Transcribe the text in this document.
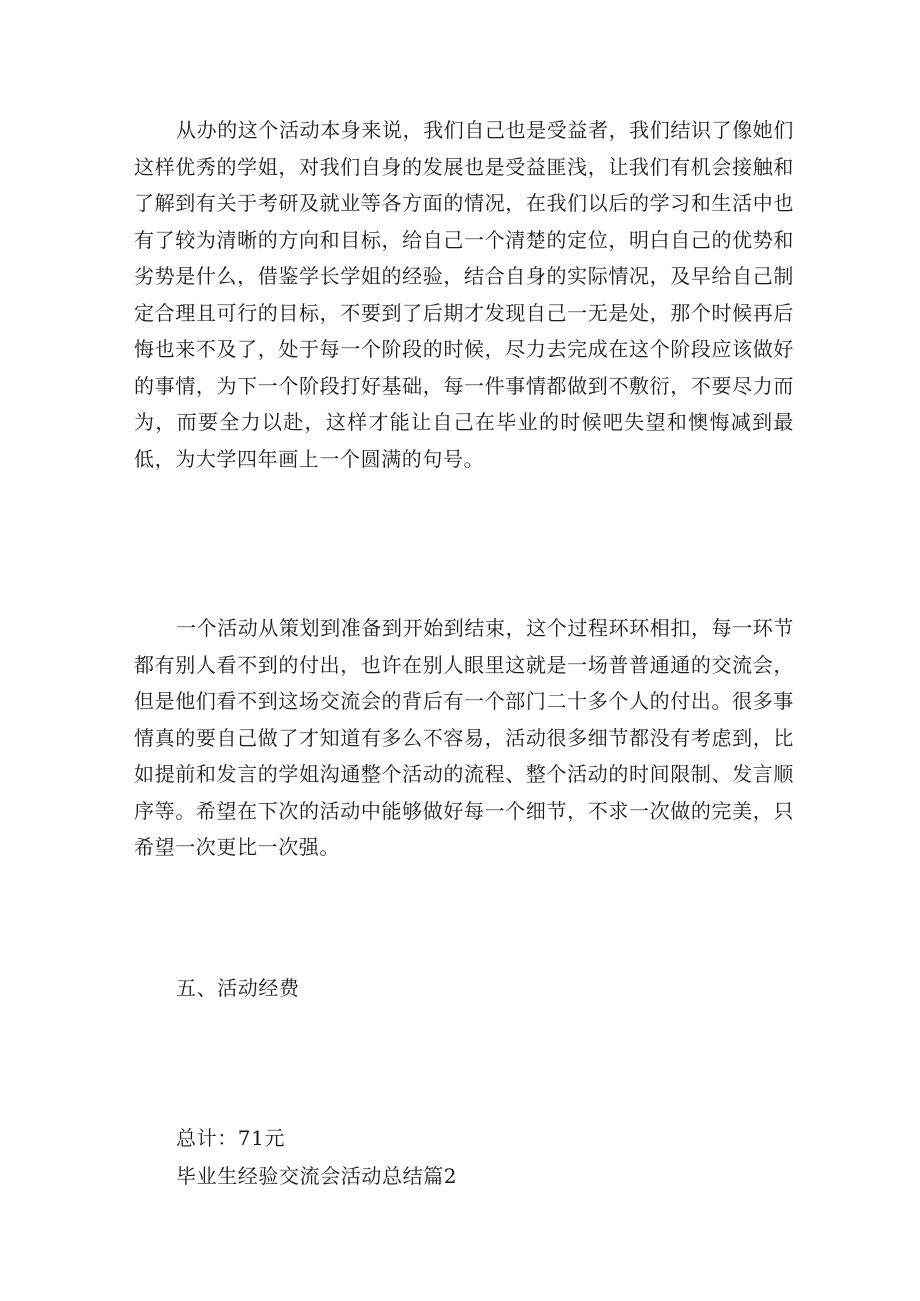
从办的这个活动本身来说，我们自己也是受益者，我们结识了像她们这样优秀的学姐，对我们自身的发展也是受益匪浅，让我们有机会接触和了解到有关于考研及就业等各方面的情况，在我们以后的学习和生活中也有了较为清晰的方向和目标，给自己一个清楚的定位，明白自己的优势和劣势是什么，借鉴学长学姐的经验，结合自身的实际情况，及早给自己制定合理且可行的目标，不要到了后期才发现自己一无是处，那个时候再后悔也来不及了，处于每一个阶段的时候，尽力去完成在这个阶段应该做好的事情，为下一个阶段打好基础，每一件事情都做到不敷衍，不要尽力而为，而要全力以赴，这样才能让自己在毕业的时候吧失望和懊悔减到最低，为大学四年画上一个圆满的句号。

一个活动从策划到准备到开始到结束，这个过程环环相扣，每一环节都有别人看不到的付出，也许在别人眼里这就是一场普普通通的交流会，但是他们看不到这场交流会的背后有一个部门二十多个人的付出。很多事情真的要自己做了才知道有多么不容易，活动很多细节都没有考虑到，比如提前和发言的学姐沟通整个活动的流程、整个活动的时间限制、发言顺序等。希望在下次的活动中能够做好每一个细节，不求一次做的完美，只希望一次更比一次强。

五、活动经费

总计：71元

毕业生经验交流会活动总结篇2
